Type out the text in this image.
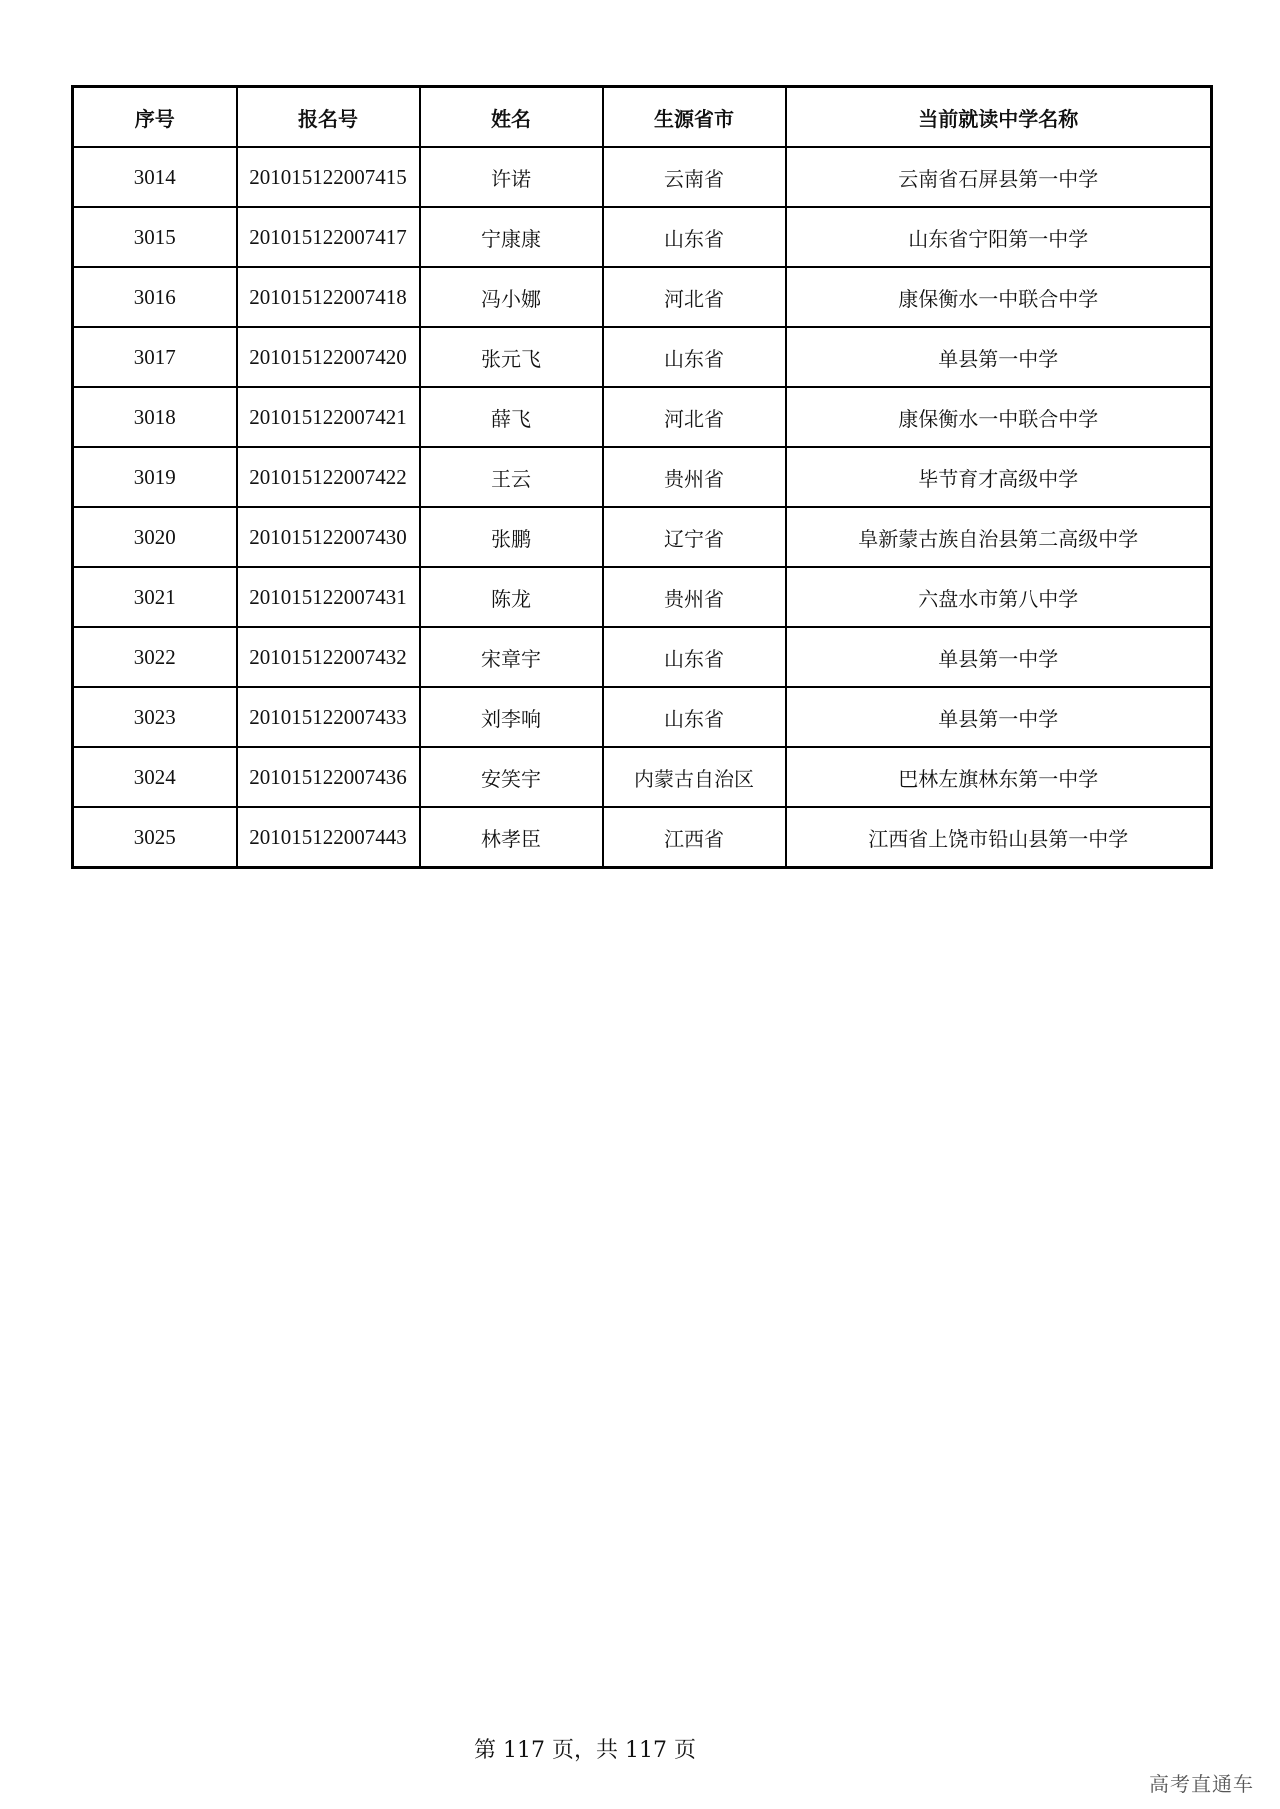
序号	报名号	姓名	生源省市	当前就读中学名称
3014	201015122007415	许诺	云南省	云南省石屏县第一中学
3015	201015122007417	宁康康	山东省	山东省宁阳第一中学
3016	201015122007418	冯小娜	河北省	康保衡水一中联合中学
3017	201015122007420	张元飞	山东省	单县第一中学
3018	201015122007421	薛飞	河北省	康保衡水一中联合中学
3019	201015122007422	王云	贵州省	毕节育才高级中学
3020	201015122007430	张鹏	辽宁省	阜新蒙古族自治县第二高级中学
3021	201015122007431	陈龙	贵州省	六盘水市第八中学
3022	201015122007432	宋章宇	山东省	单县第一中学
3023	201015122007433	刘李响	山东省	单县第一中学
3024	201015122007436	安笑宇	内蒙古自治区	巴林左旗林东第一中学
3025	201015122007443	林孝臣	江西省	江西省上饶市铅山县第一中学
第 117 页，共 117 页
高考直通车
